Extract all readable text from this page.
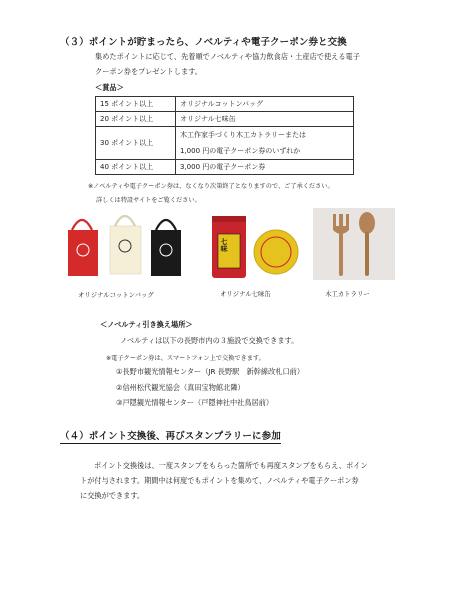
（３）ポイントが貯まったら、ノベルティや電子クーポン券と交換
集めたポイントに応じて、先着順でノベルティや協力飲食店・土産店で使える電子
クーポン券をプレゼントします。
＜賞品＞
15 ポイント以上	オリジナルコットンバッグ
20 ポイント以上	オリジナル七味缶
30 ポイント以上	木工作家手づくり木工カトラリーまたは
1,000 円の電子クーポン券のいずれか

40 ポイント以上	3,000 円の電子クーポン券
※ノベルティや電子クーポン券は、なくなり次第終了となりますので、ご了承ください。
詳しくは特設サイトをご覧ください。
七味
オリジナルコットンバッグ	オリジナル七味缶	木工カトラリー
＜ノベルティ引き換え場所＞
ノベルティは以下の長野市内の３施設で交換できます。
※電子クーポン券は、スマートフォン上で交換できます。
①長野市観光情報センター（JR 長野駅　新幹線改札口前）
②信州松代観光協会（真田宝物館北隣）
③戸隠観光情報センター（戸隠神社中社鳥居前）
（４）ポイント交換後、再びスタンプラリーに参加
ポイント交換後は、一度スタンプをもらった箇所でも再度スタンプをもらえ、ポイン
トが付与されます。期間中は何度でもポイントを集めて、ノベルティや電子クーポン券
に交換ができます。
